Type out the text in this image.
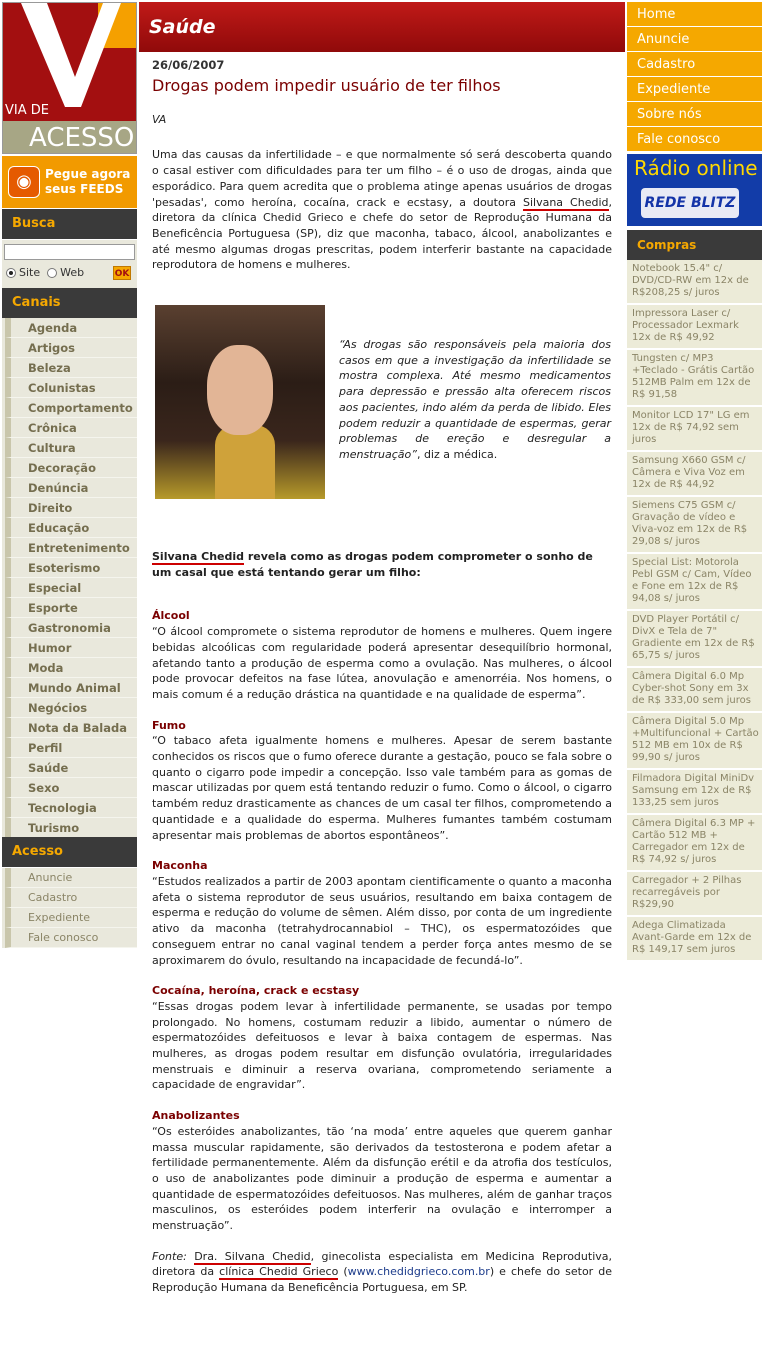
VIA DE
ACESSO
◉	Pegue agora seus FEEDS
Busca
Site Web	OK
Canais
Agenda
Artigos
Beleza
Colunistas
Comportamento
Crônica
Cultura
Decoração
Denúncia
Direito
Educação
Entretenimento
Esoterismo
Especial
Esporte
Gastronomia
Humor
Moda
Mundo Animal
Negócios
Nota da Balada
Perfil
Saúde
Sexo
Tecnologia
Turismo
Acesso
Anuncie
Cadastro
Expediente
Fale conosco
Saúde
26/06/2007
Drogas podem impedir usuário de ter filhos
VA
Uma das causas da infertilidade – e que normalmente só será descoberta quando o casal estiver com dificuldades para ter um filho – é o uso de drogas, ainda que esporádico. Para quem acredita que o problema atinge apenas usuários de drogas 'pesadas', como heroína, cocaína, crack e ecstasy, a doutora Silvana Chedid, diretora da clínica Chedid Grieco e chefe do setor de Reprodução Humana da Beneficência Portuguesa (SP), diz que maconha, tabaco, álcool, anabolizantes e até mesmo algumas drogas prescritas, podem interferir bastante na capacidade reprodutora de homens e mulheres.
“As drogas são responsáveis pela maioria dos casos em que a investigação da infertilidade se mostra complexa. Até mesmo medicamentos para depressão e pressão alta oferecem riscos aos pacientes, indo além da perda de libido. Eles podem reduzir a quantidade de espermas, gerar problemas de ereção e desregular a menstruação”, diz a médica.
Silvana Chedid revela como as drogas podem comprometer o sonho de um casal que está tentando gerar um filho:
Álcool
“O álcool compromete o sistema reprodutor de homens e mulheres. Quem ingere bebidas alcoólicas com regularidade poderá apresentar desequilíbrio hormonal, afetando tanto a produção de esperma como a ovulação. Nas mulheres, o álcool pode provocar defeitos na fase lútea, anovulação e amenorréia. Nos homens, o mais comum é a redução drástica na quantidade e na qualidade de esperma”.
Fumo
“O tabaco afeta igualmente homens e mulheres. Apesar de serem bastante conhecidos os riscos que o fumo oferece durante a gestação, pouco se fala sobre o quanto o cigarro pode impedir a concepção. Isso vale também para as gomas de mascar utilizadas por quem está tentando reduzir o fumo. Como o álcool, o cigarro também reduz drasticamente as chances de um casal ter filhos, comprometendo a quantidade e a qualidade do esperma. Mulheres fumantes também costumam apresentar mais problemas de abortos espontâneos”.
Maconha
“Estudos realizados a partir de 2003 apontam cientificamente o quanto a maconha afeta o sistema reprodutor de seus usuários, resultando em baixa contagem de esperma e redução do volume de sêmen. Além disso, por conta de um ingrediente ativo da maconha (tetrahydrocannabiol – THC), os espermatozóides que conseguem entrar no canal vaginal tendem a perder força antes mesmo de se aproximarem do óvulo, resultando na incapacidade de fecundá-lo”.
Cocaína, heroína, crack e ecstasy
“Essas drogas podem levar à infertilidade permanente, se usadas por tempo prolongado. No homens, costumam reduzir a libido, aumentar o número de espermatozóides defeituosos e levar à baixa contagem de espermas. Nas mulheres, as drogas podem resultar em disfunção ovulatória, irregularidades menstruais e diminuir a reserva ovariana, comprometendo seriamente a capacidade de engravidar”.
Anabolizantes
“Os esteróides anabolizantes, tão ‘na moda’ entre aqueles que querem ganhar massa muscular rapidamente, são derivados da testosterona e podem afetar a fertilidade permanentemente. Além da disfunção erétil e da atrofia dos testículos, o uso de anabolizantes pode diminuir a produção de esperma e aumentar a quantidade de espermatozóides defeituosos. Nas mulheres, além de ganhar traços masculinos, os esteróides podem interferir na ovulação e interromper a menstruação”.
Fonte: Dra. Silvana Chedid, ginecolista especialista em Medicina Reprodutiva, diretora da clínica Chedid Grieco (www.chedidgrieco.com.br) e chefe do setor de Reprodução Humana da Beneficência Portuguesa, em SP.
Home
Anuncie
Cadastro
Expediente
Sobre nós
Fale conosco
Rádio online
REDE BLITZ
Compras
Notebook 15.4" c/ DVD/CD-RW em 12x de R$208,25 s/ juros
Impressora Laser c/ Processador Lexmark 12x de R$ 49,92
Tungsten c/ MP3 +Teclado - Grátis Cartão 512MB Palm em 12x de R$ 91,58
Monitor LCD 17" LG em 12x de R$ 74,92 sem juros
Samsung X660 GSM c/ Câmera e Viva Voz em 12x de R$ 44,92
Siemens C75 GSM c/ Gravação de vídeo e Viva-voz em 12x de R$ 29,08 s/ juros
Special List: Motorola Pebl GSM c/ Cam, Vídeo e Fone em 12x de R$ 94,08 s/ juros
DVD Player Portátil c/ DivX e Tela de 7" Gradiente em 12x de R$ 65,75 s/ juros
Câmera Digital 6.0 Mp Cyber-shot Sony em 3x de R$ 333,00 sem juros
Câmera Digital 5.0 Mp +Multifuncional + Cartão 512 MB em 10x de R$ 99,90 s/ juros
Filmadora Digital MiniDv Samsung em 12x de R$ 133,25 sem juros
Câmera Digital 6.3 MP + Cartão 512 MB + Carregador em 12x de R$ 74,92 s/ juros
Carregador + 2 Pilhas recarregáveis por R$29,90
Adega Climatizada Avant-Garde em 12x de R$ 149,17 sem juros
